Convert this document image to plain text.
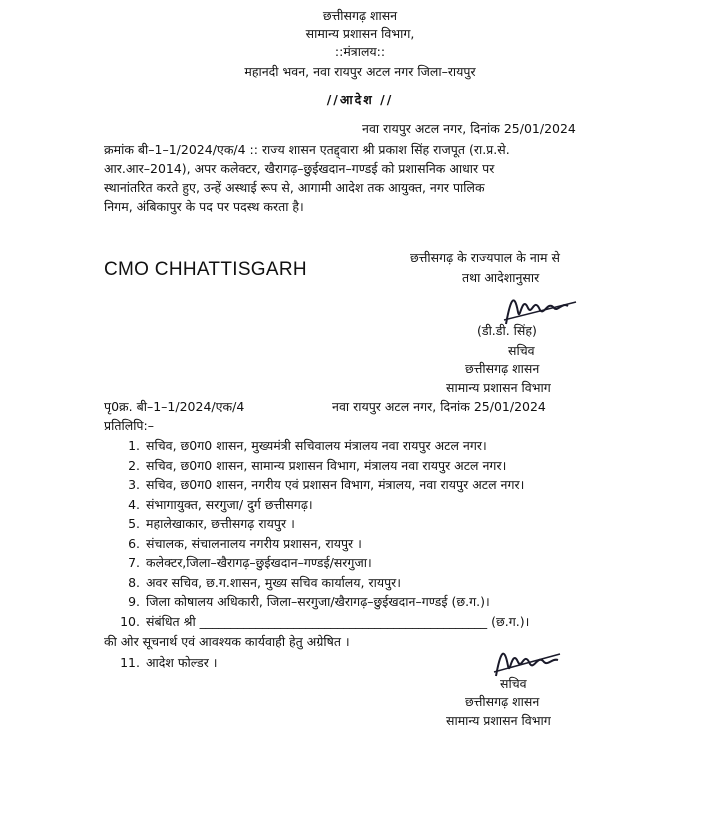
छत्तीसगढ़ शासन
सामान्य प्रशासन विभाग,
::मंत्रालय::
महानदी भवन, नवा रायपुर अटल नगर जिला–रायपुर
//आदेश //
नवा रायपुर अटल नगर, दिनांक 25/01/2024
क्रमांक बी–1–1/2024/एक/4 :: राज्य शासन एतद्द्वारा श्री प्रकाश सिंह राजपूत (रा.प्र.से.
आर.आर–2014), अपर कलेक्टर, खैरागढ़–छुईखदान–गण्डई को प्रशासनिक आधार पर
स्थानांतरित करते हुए, उन्हें अस्थाई रूप से, आगामी आदेश तक आयुक्त, नगर पालिक
निगम, अंबिकापुर के पद पर पदस्थ करता है।
CMO CHHATTISGARH
छत्तीसगढ़ के राज्यपाल के नाम से
तथा आदेशानुसार
(डी.डी. सिंह)
सचिव
छत्तीसगढ़ शासन
सामान्य प्रशासन विभाग
पृ0क्र. बी–1–1/2024/एक/4	नवा रायपुर अटल नगर, दिनांक 25/01/2024
प्रतिलिपि:–
1. सचिव, छ0ग0 शासन, मुख्यमंत्री सचिवालय मंत्रालय नवा रायपुर अटल नगर।
2. सचिव, छ0ग0 शासन, सामान्य प्रशासन विभाग, मंत्रालय नवा रायपुर अटल नगर।
3. सचिव, छ0ग0 शासन, नगरीय एवं प्रशासन विभाग, मंत्रालय, नवा रायपुर अटल नगर।
4. संभागायुक्त, सरगुजा/ दुर्ग छत्तीसगढ़।
5. महालेखाकार, छत्तीसगढ़ रायपुर ।
6. संचालक, संचालनालय नगरीय प्रशासन, रायपुर ।
7. कलेक्टर,जिला–खैरागढ़–छुईखदान–गण्डई/सरगुजा।
8. अवर सचिव, छ.ग.शासन, मुख्य सचिव कार्यालय, रायपुर।
9. जिला कोषालय अधिकारी, जिला–सरगुजा/खैरागढ़–छुईखदान–गण्डई (छ.ग.)।
10. संबंधित श्री ______________________________________________ (छ.ग.)।
की ओर सूचनार्थ एवं आवश्यक कार्यवाही हेतु अग्रेषित ।
11. आदेश फोल्डर ।
सचिव
छत्तीसगढ़ शासन
सामान्य प्रशासन विभाग
